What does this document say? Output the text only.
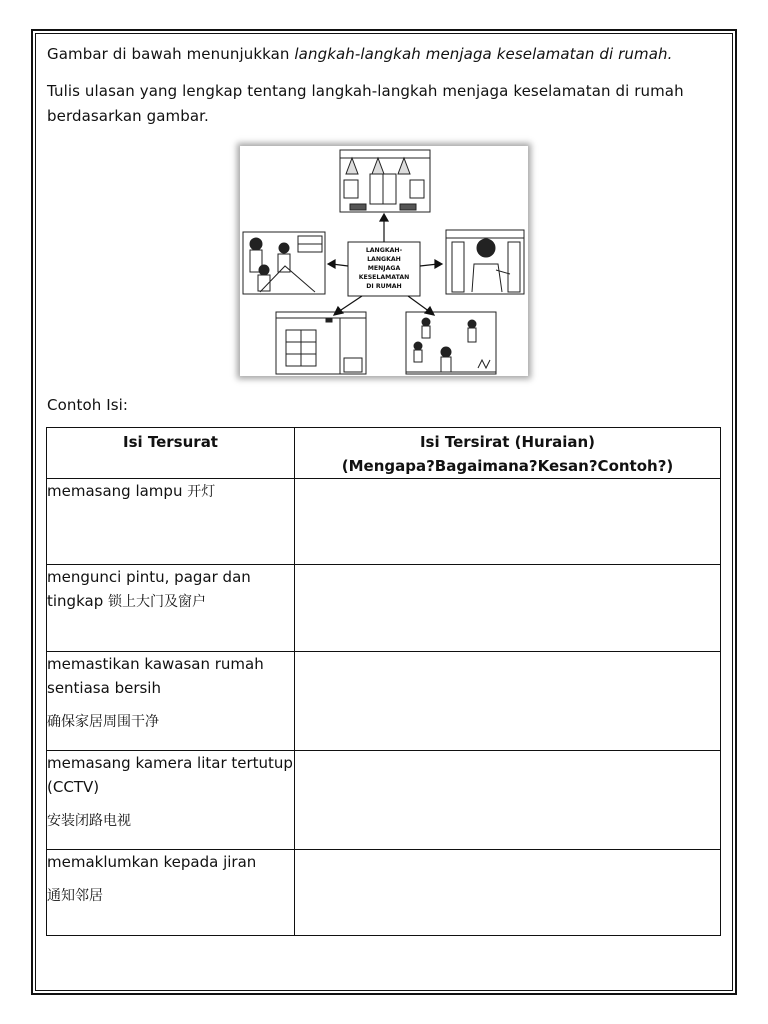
Gambar di bawah menunjukkan langkah-langkah menjaga keselamatan di rumah.
Tulis ulasan yang lengkap tentang langkah-langkah menjaga keselamatan di rumah berdasarkan gambar.
LANGKAH-
LANGKAH
MENJAGA
KESELAMATAN
DI RUMAH
Contoh Isi:
Isi Tersurat	Isi Tersirat (Huraian)
(Mengapa?Bagaimana?Kesan?Contoh?)
memasang lampu 开灯	
mengunci pintu, pagar dan tingkap 锁上大门及窗户	
memastikan kawasan rumah sentiasa bersih
确保家居周围干净	

memasang kamera litar tertutup (CCTV)
安装闭路电视	

memaklumkan kepada jiran
通知邻居	
